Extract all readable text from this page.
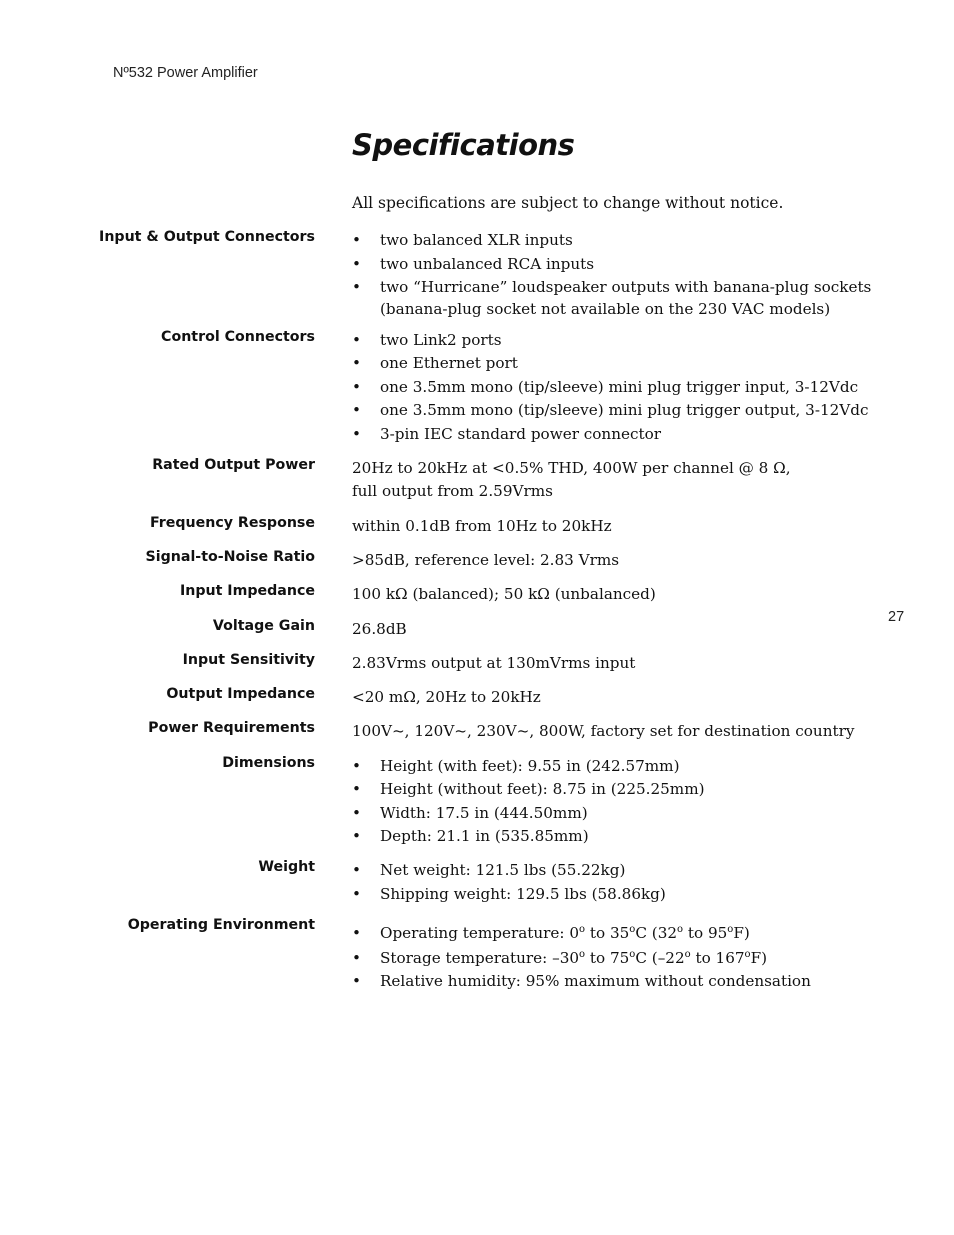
Nº532 Power Amplifier
27
Specifications

All specifications are subject to change without notice.

Input & Output Connectors	• two balanced XLR inputs
• two unbalanced RCA inputs
• two “Hurricane” loudspeaker outputs with banana-plug sockets
(banana-plug socket not available on the 230 VAC models)
Control Connectors	• two Link2 ports
• one Ethernet port
• one 3.5mm mono (tip/sleeve) mini plug trigger input, 3-12Vdc
• one 3.5mm mono (tip/sleeve) mini plug trigger output, 3-12Vdc
• 3-pin IEC standard power connector
Rated Output Power 20Hz to 20kHz at <0.5% THD, 400W per channel @ 8 Ω,

full output from 2.59Vrms

Frequency Response within 0.1dB from 10Hz to 20kHz
Signal-to-Noise Ratio >85dB, reference level: 2.83 Vrms
Input Impedance 100 kΩ (balanced); 50 kΩ (unbalanced)
Voltage Gain 26.8dB
Input Sensitivity 2.83Vrms output at 130mVrms input
Output Impedance <20 mΩ, 20Hz to 20kHz
Power Requirements 100V~, 120V~, 230V~, 800W, factory set for destination country
Dimensions	• Height (with feet): 9.55 in (242.57mm)
• Height (without feet): 8.75 in (225.25mm)
• Width: 17.5 in (444.50mm)
• Depth: 21.1 in (535.85mm)
Weight	• Net weight: 121.5 lbs (55.22kg)
• Shipping weight: 129.5 lbs (58.86kg)
Operating Environment	• Operating temperature: 0$^o$ to 35$^o$C (32$^o$ to 95$^o$F)
• Storage temperature: –30$^o$ to 75$^o$C (–22$^o$ to 167$^o$F)
• Relative humidity: 95% maximum without condensation
